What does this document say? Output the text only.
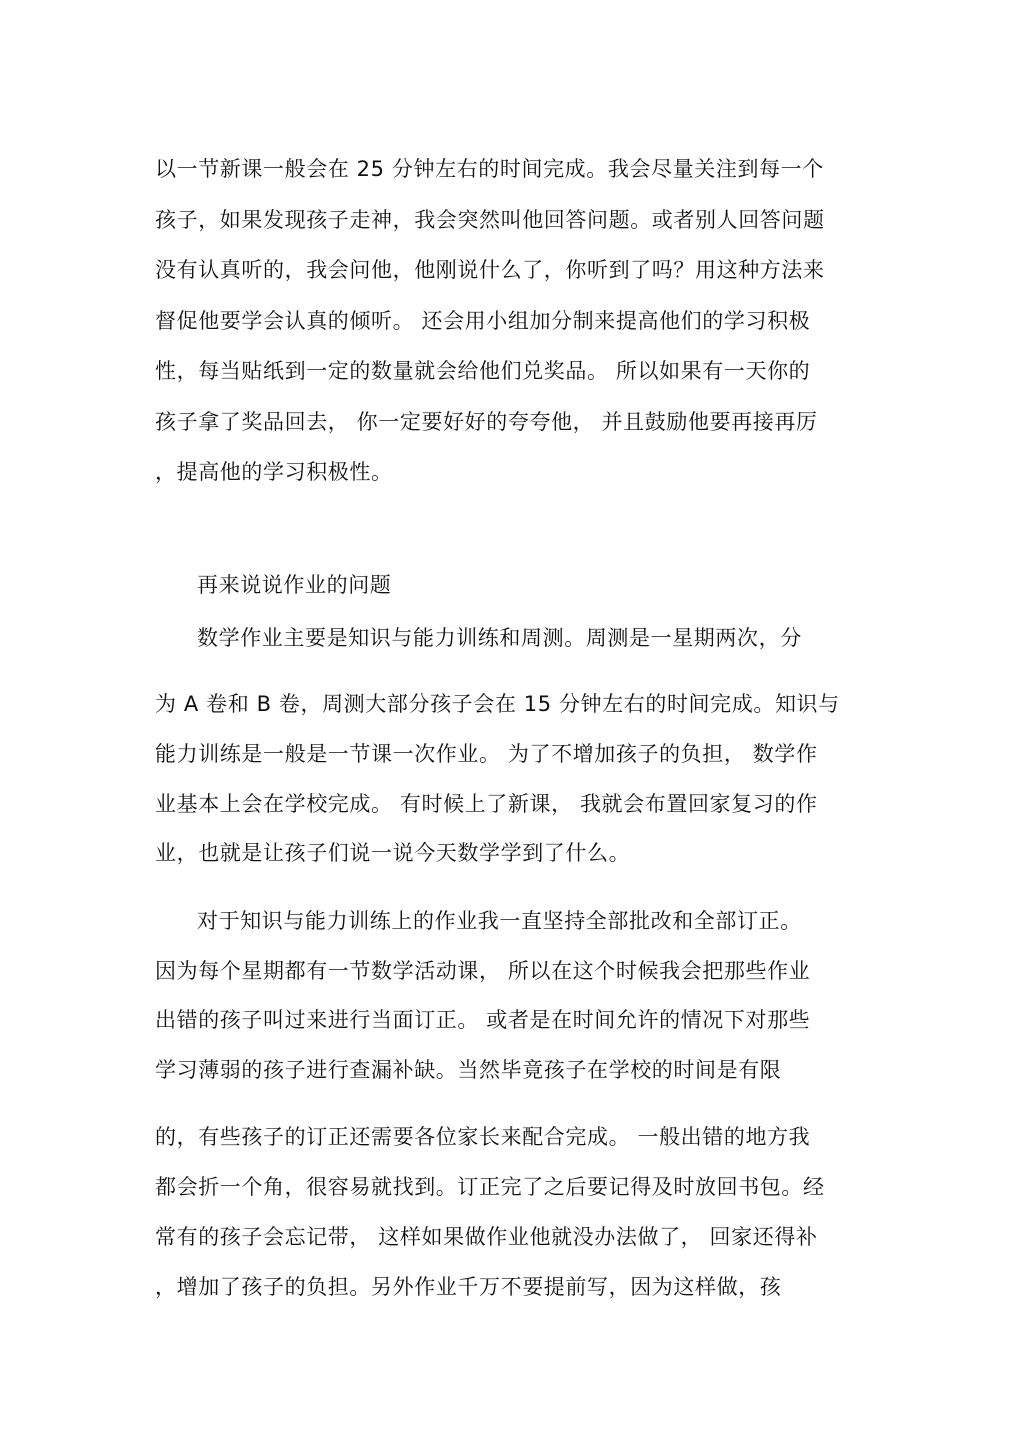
以一节新课一般会在 25 分钟左右的时间完成。我会尽量关注到每一个

孩子，如果发现孩子走神，我会突然叫他回答问题。或者别人回答问题

没有认真听的，我会问他，他刚说什么了，你听到了吗？用这种方法来

督促他要学会认真的倾听。 还会用小组加分制来提高他们的学习积极

性，每当贴纸到一定的数量就会给他们兑奖品。 所以如果有一天你的

孩子拿了奖品回去， 你一定要好好的夸夸他， 并且鼓励他要再接再厉

，提高他的学习积极性。

再来说说作业的问题

数学作业主要是知识与能力训练和周测。周测是一星期两次，分

为 A 卷和 B 卷，周测大部分孩子会在 15 分钟左右的时间完成。知识与

能力训练是一般是一节课一次作业。 为了不增加孩子的负担， 数学作

业基本上会在学校完成。 有时候上了新课， 我就会布置回家复习的作

业，也就是让孩子们说一说今天数学学到了什么。

对于知识与能力训练上的作业我一直坚持全部批改和全部订正。

因为每个星期都有一节数学活动课， 所以在这个时候我会把那些作业

出错的孩子叫过来进行当面订正。 或者是在时间允许的情况下对那些

学习薄弱的孩子进行查漏补缺。当然毕竟孩子在学校的时间是有限

的，有些孩子的订正还需要各位家长来配合完成。 一般出错的地方我

都会折一个角，很容易就找到。订正完了之后要记得及时放回书包。经

常有的孩子会忘记带， 这样如果做作业他就没办法做了， 回家还得补

，增加了孩子的负担。另外作业千万不要提前写，因为这样做，孩
